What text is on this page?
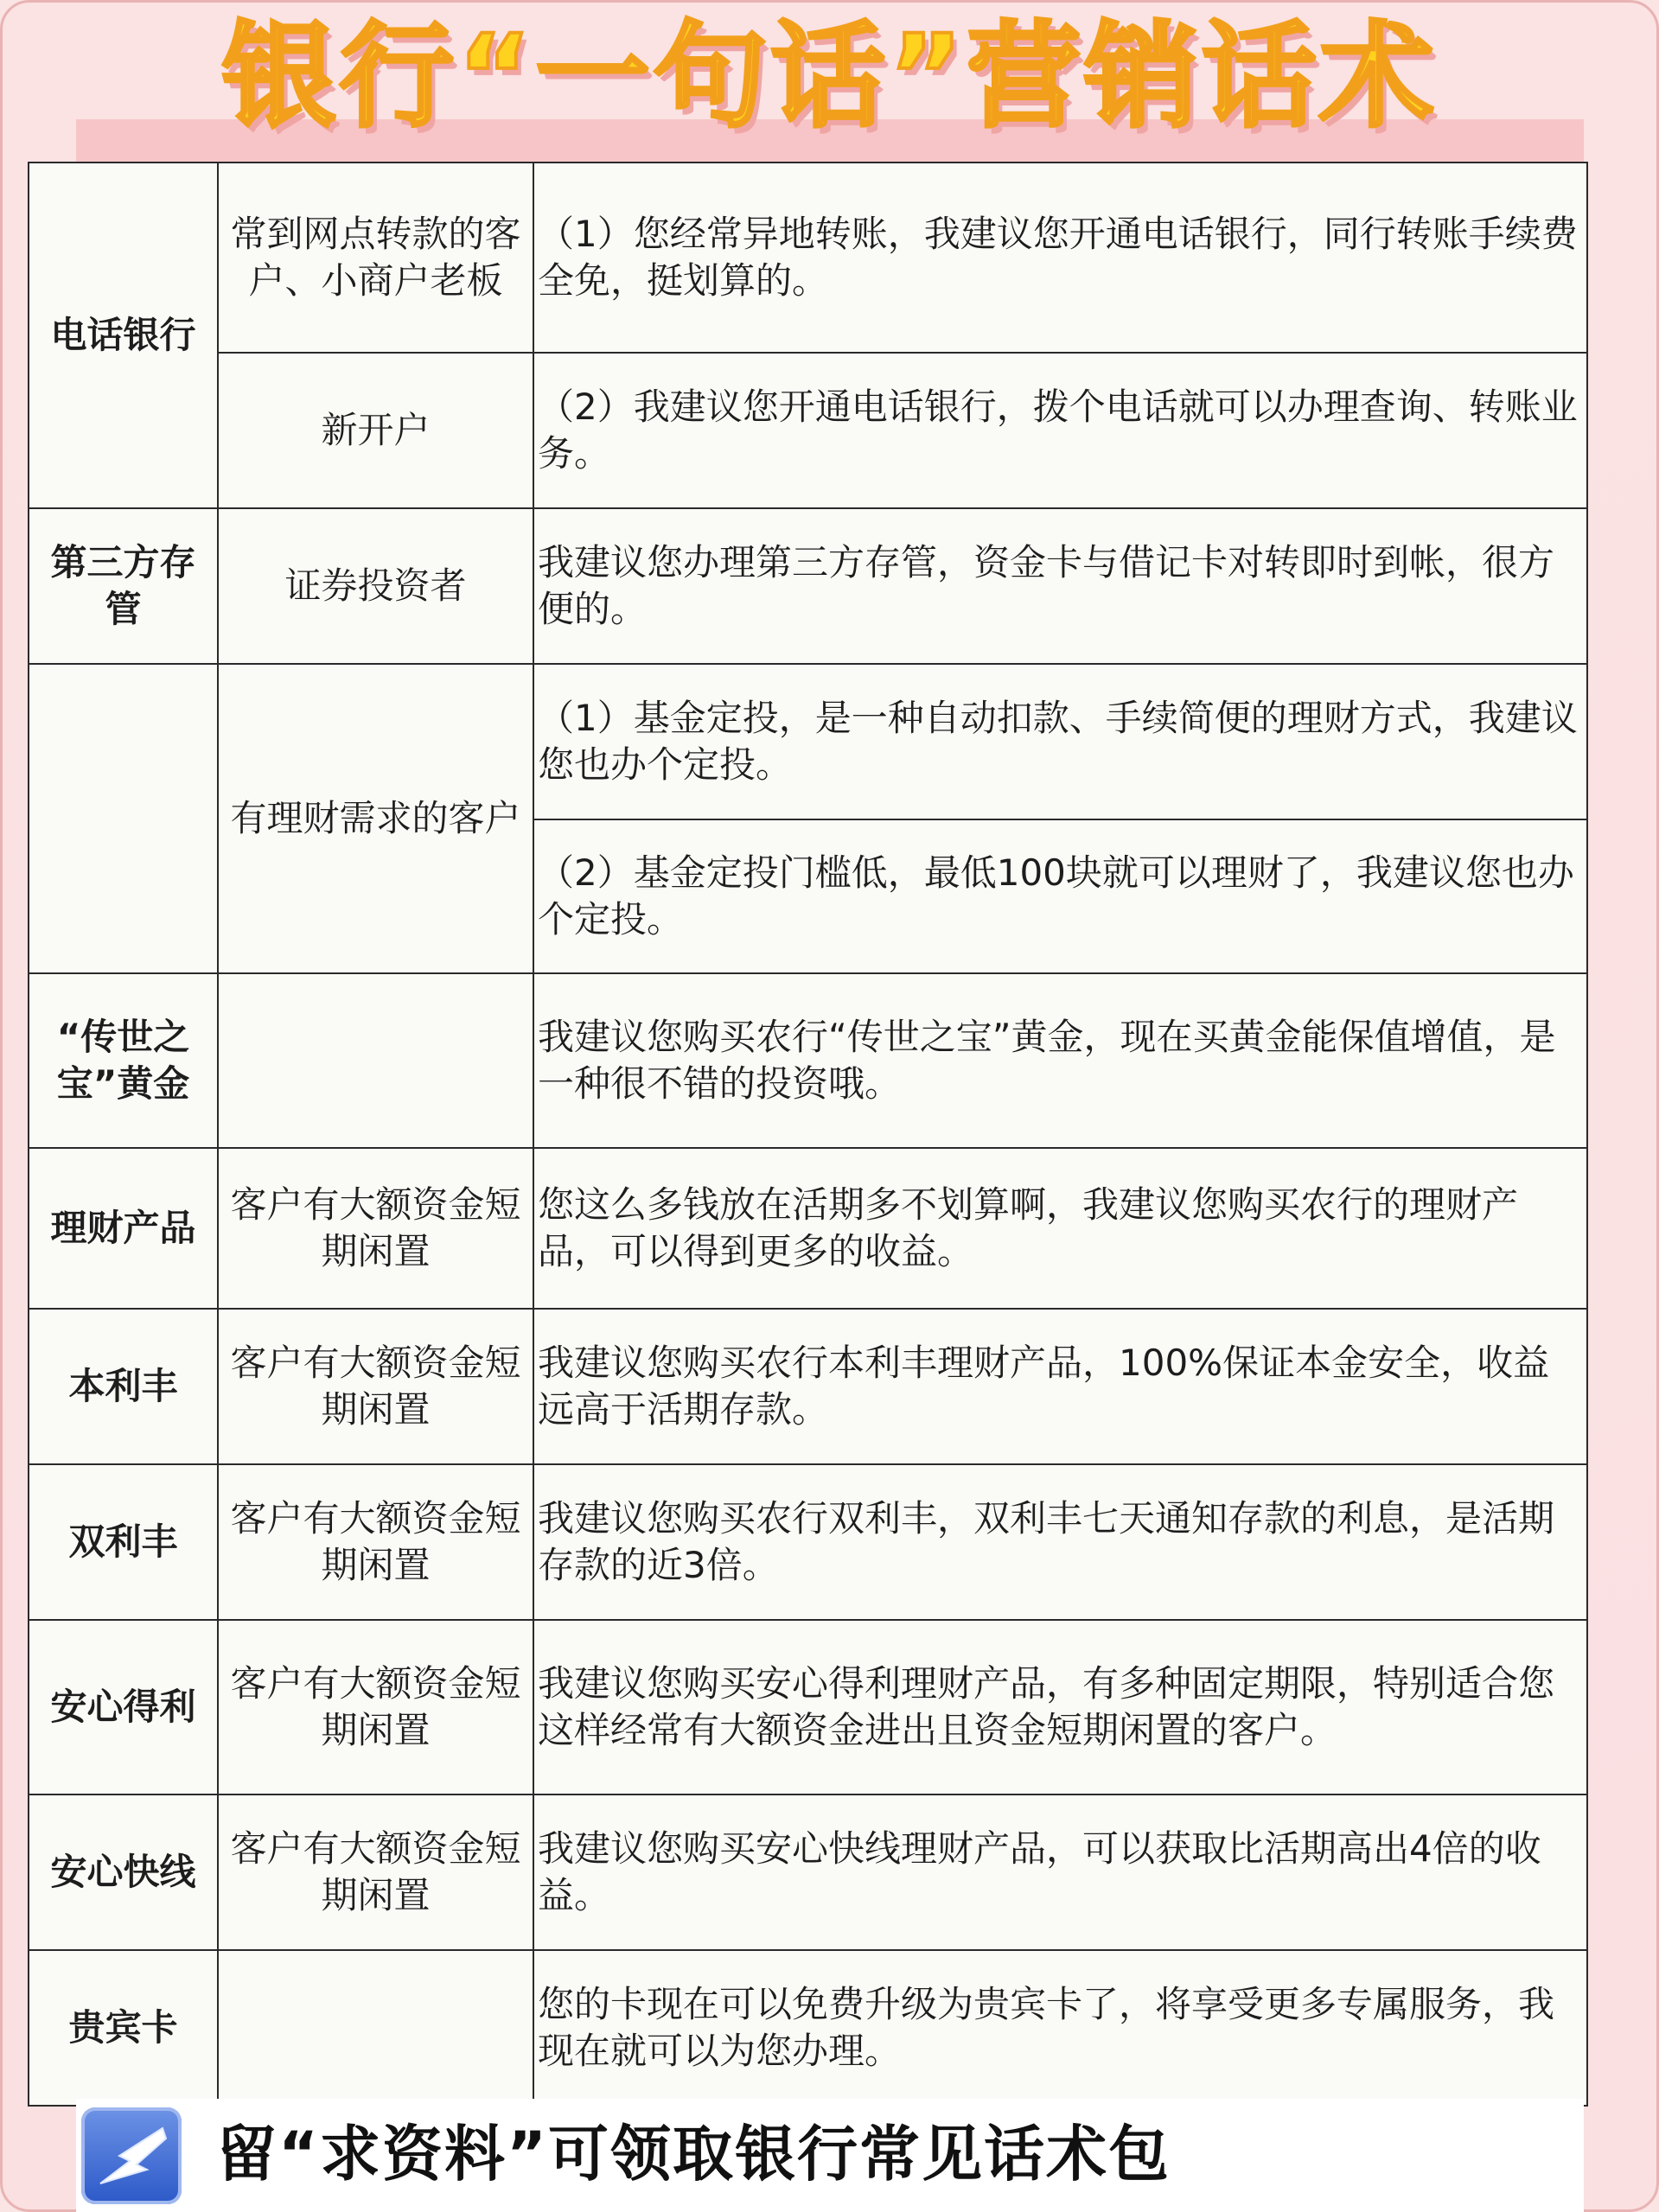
银行“一句话”营销话术
电话银行	常到网点转款的客户、小商户老板	（1）您经常异地转账，我建议您开通电话银行，同行转账手续费全免，挺划算的。
	新开户	（2）我建议您开通电话银行，拨个电话就可以办理查询、转账业务。
第三方存管	证券投资者	我建议您办理第三方存管，资金卡与借记卡对转即时到帐，很方便的。
	有理财需求的客户	（1）基金定投，是一种自动扣款、手续简便的理财方式，我建议您也办个定投。
		（2）基金定投门槛低，最低100块就可以理财了，我建议您也办个定投。
“传世之宝”黄金		我建议您购买农行“传世之宝”黄金，现在买黄金能保值增值，是一种很不错的投资哦。
理财产品	客户有大额资金短期闲置	您这么多钱放在活期多不划算啊，我建议您购买农行的理财产品，可以得到更多的收益。
本利丰	客户有大额资金短期闲置	我建议您购买农行本利丰理财产品，100%保证本金安全，收益远高于活期存款。
双利丰	客户有大额资金短期闲置	我建议您购买农行双利丰，双利丰七天通知存款的利息，是活期存款的近3倍。
安心得利	客户有大额资金短期闲置	我建议您购买安心得利理财产品，有多种固定期限，特别适合您这样经常有大额资金进出且资金短期闲置的客户。
安心快线	客户有大额资金短期闲置	我建议您购买安心快线理财产品，可以获取比活期高出4倍的收益。
贵宾卡		您的卡现在可以免费升级为贵宾卡了，将享受更多专属服务，我现在就可以为您办理。
留“求资料”可领取银行常见话术包
